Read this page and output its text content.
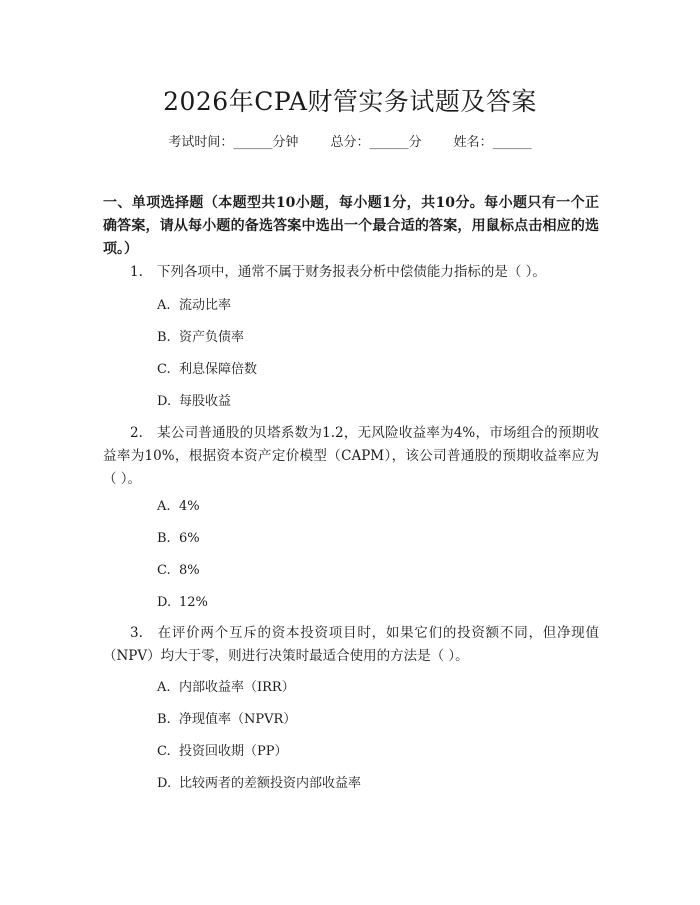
2026年CPA财管实务试题及答案
考试时间：______分钟 总分：______分 姓名：______
一、单项选择题（本题型共10小题，每小题1分，共10分。每小题只有一个正确答案，请从每小题的备选答案中选出一个最合适的答案，用鼠标点击相应的选项。）
1. 下列各项中，通常不属于财务报表分析中偿债能力指标的是（ ）。
A. 流动比率
B. 资产负债率
C. 利息保障倍数
D. 每股收益
2. 某公司普通股的贝塔系数为1.2，无风险收益率为4%，市场组合的预期收益率为10%，根据资本资产定价模型（CAPM），该公司普通股的预期收益率应为（ ）。
A. 4%
B. 6%
C. 8%
D. 12%
3. 在评价两个互斥的资本投资项目时，如果它们的投资额不同，但净现值（NPV）均大于零，则进行决策时最适合使用的方法是（ ）。
A. 内部收益率（IRR）
B. 净现值率（NPVR）
C. 投资回收期（PP）
D. 比较两者的差额投资内部收益率
